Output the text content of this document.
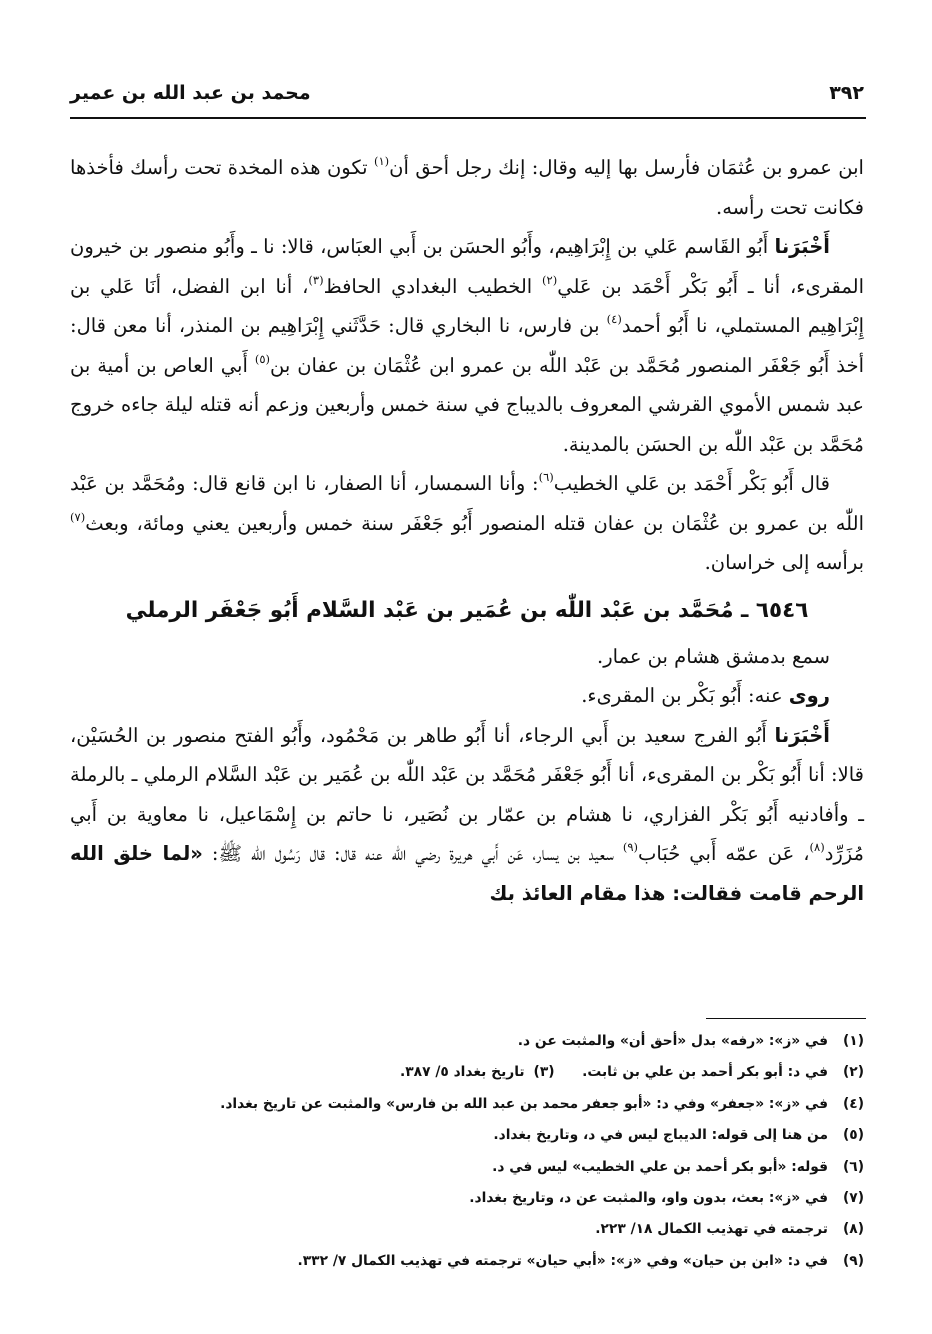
٣٩٢
محمد بن عبد الله بن عمير

ابن عمرو بن عُثمَان فأرسل بها إليه وقال: إنك رجل أحق أن$^{(١)}$ تكون هذه المخدة تحت رأسك فأخذها فكانت تحت رأسه.

أَخْبَرَنا أَبُو القَاسم عَلي بن إِبْرَاهِيم، وأَبُو الحسَن بن أَبي العبَاس، قالا: نا ـ وأَبُو منصور بن خيرون المقرىء، أنا ـ أَبُو بَكْر أَحْمَد بن عَلي$^{(٢)}$ الخطيب البغدادي الحافظ$^{(٣)}$، أنا ابن الفضل، أنَا عَلي بن إِبْرَاهِيم المستملي، نا أَبُو أحمد$^{(٤)}$ بن فارس، نا البخاري قال: حَدَّثَني إِبْرَاهِيم بن المنذر، أنا معن قال: أخذ أَبُو جَعْفَر المنصور مُحَمَّد بن عَبْد اللّٰه بن عمرو ابن عُثْمَان بن عفان بن$^{(٥)}$ أَبي العاص بن أمية بن عبد شمس الأموي القرشي المعروف بالديباج في سنة خمس وأربعين وزعم أنه قتله ليلة جاءه خروج مُحَمَّد بن عَبْد اللّٰه بن الحسَن بالمدينة.

قال أَبُو بَكْر أَحْمَد بن عَلي الخطيب$^{(٦)}$: وأنا السمسار، أنا الصفار، نا ابن قانع قال: ومُحَمَّد بن عَبْد اللّٰه بن عمرو بن عُثْمَان بن عفان قتله المنصور أَبُو جَعْفَر سنة خمس وأربعين يعني ومائة، وبعث$^{(٧)}$ برأسه إلى خراسان.

٦٥٤٦ ـ مُحَمَّد بن عَبْد اللّٰه بن عُمَير بن عَبْد السَّلام أَبُو جَعْفَر الرملي

سمع بدمشق هشام بن عمار.

روى عنه: أَبُو بَكْر بن المقرىء.

أَخْبَرَنا أَبُو الفرج سعيد بن أَبي الرجاء، أنا أَبُو طاهر بن مَحْمُود، وأَبُو الفتح منصور بن الحُسَيْن، قالا: أنا أَبُو بَكْر بن المقرىء، أنا أَبُو جَعْفَر مُحَمَّد بن عَبْد اللّٰه بن عُمَير بن عَبْد السَّلام الرملي ـ بالرملة ـ وأفادنيه أَبُو بَكْر الفزاري، نا هشام بن عمّار بن نُصَير، نا حاتم بن إِسْمَاعيل، نا معاوية بن أَبي مُزَرِّد$^{(٨)}$، عَن عمّه أَبي حُبَاب$^{(٩)}$ سعيد بن يسار، عَن أَبي هريرة رضي اللّٰه عنه قال: قال رَسُول اللّٰه ﷺ: «لما خلق الله الرحم قامت فقالت: هذا مقام العائذ بك

(١)في «ز»: «رفه» بدل «أحق أن» والمثبت عن د.
(٢)في د: أبو بكر أحمد بن علي بن ثابت.
(٣)تاريخ بغداد ٥/ ٣٨٧.
(٤)في «ز»: «جعفر» وفي د: «أبو جعفر محمد بن عبد الله بن فارس» والمثبت عن تاريخ بغداد.
(٥)من هنا إلى قوله: الديباج ليس في د، وتاريخ بغداد.
(٦)قوله: «أبو بكر أحمد بن علي الخطيب» ليس في د.
(٧)في «ز»: بعث، بدون واو، والمثبت عن د، وتاريخ بغداد.
(٨)ترجمته في تهذيب الكمال ١٨/ ٢٢٣.
(٩)في د: «ابن بن حيان» وفي «ز»: «أبي حيان» ترجمته في تهذيب الكمال ٧/ ٣٣٢.
